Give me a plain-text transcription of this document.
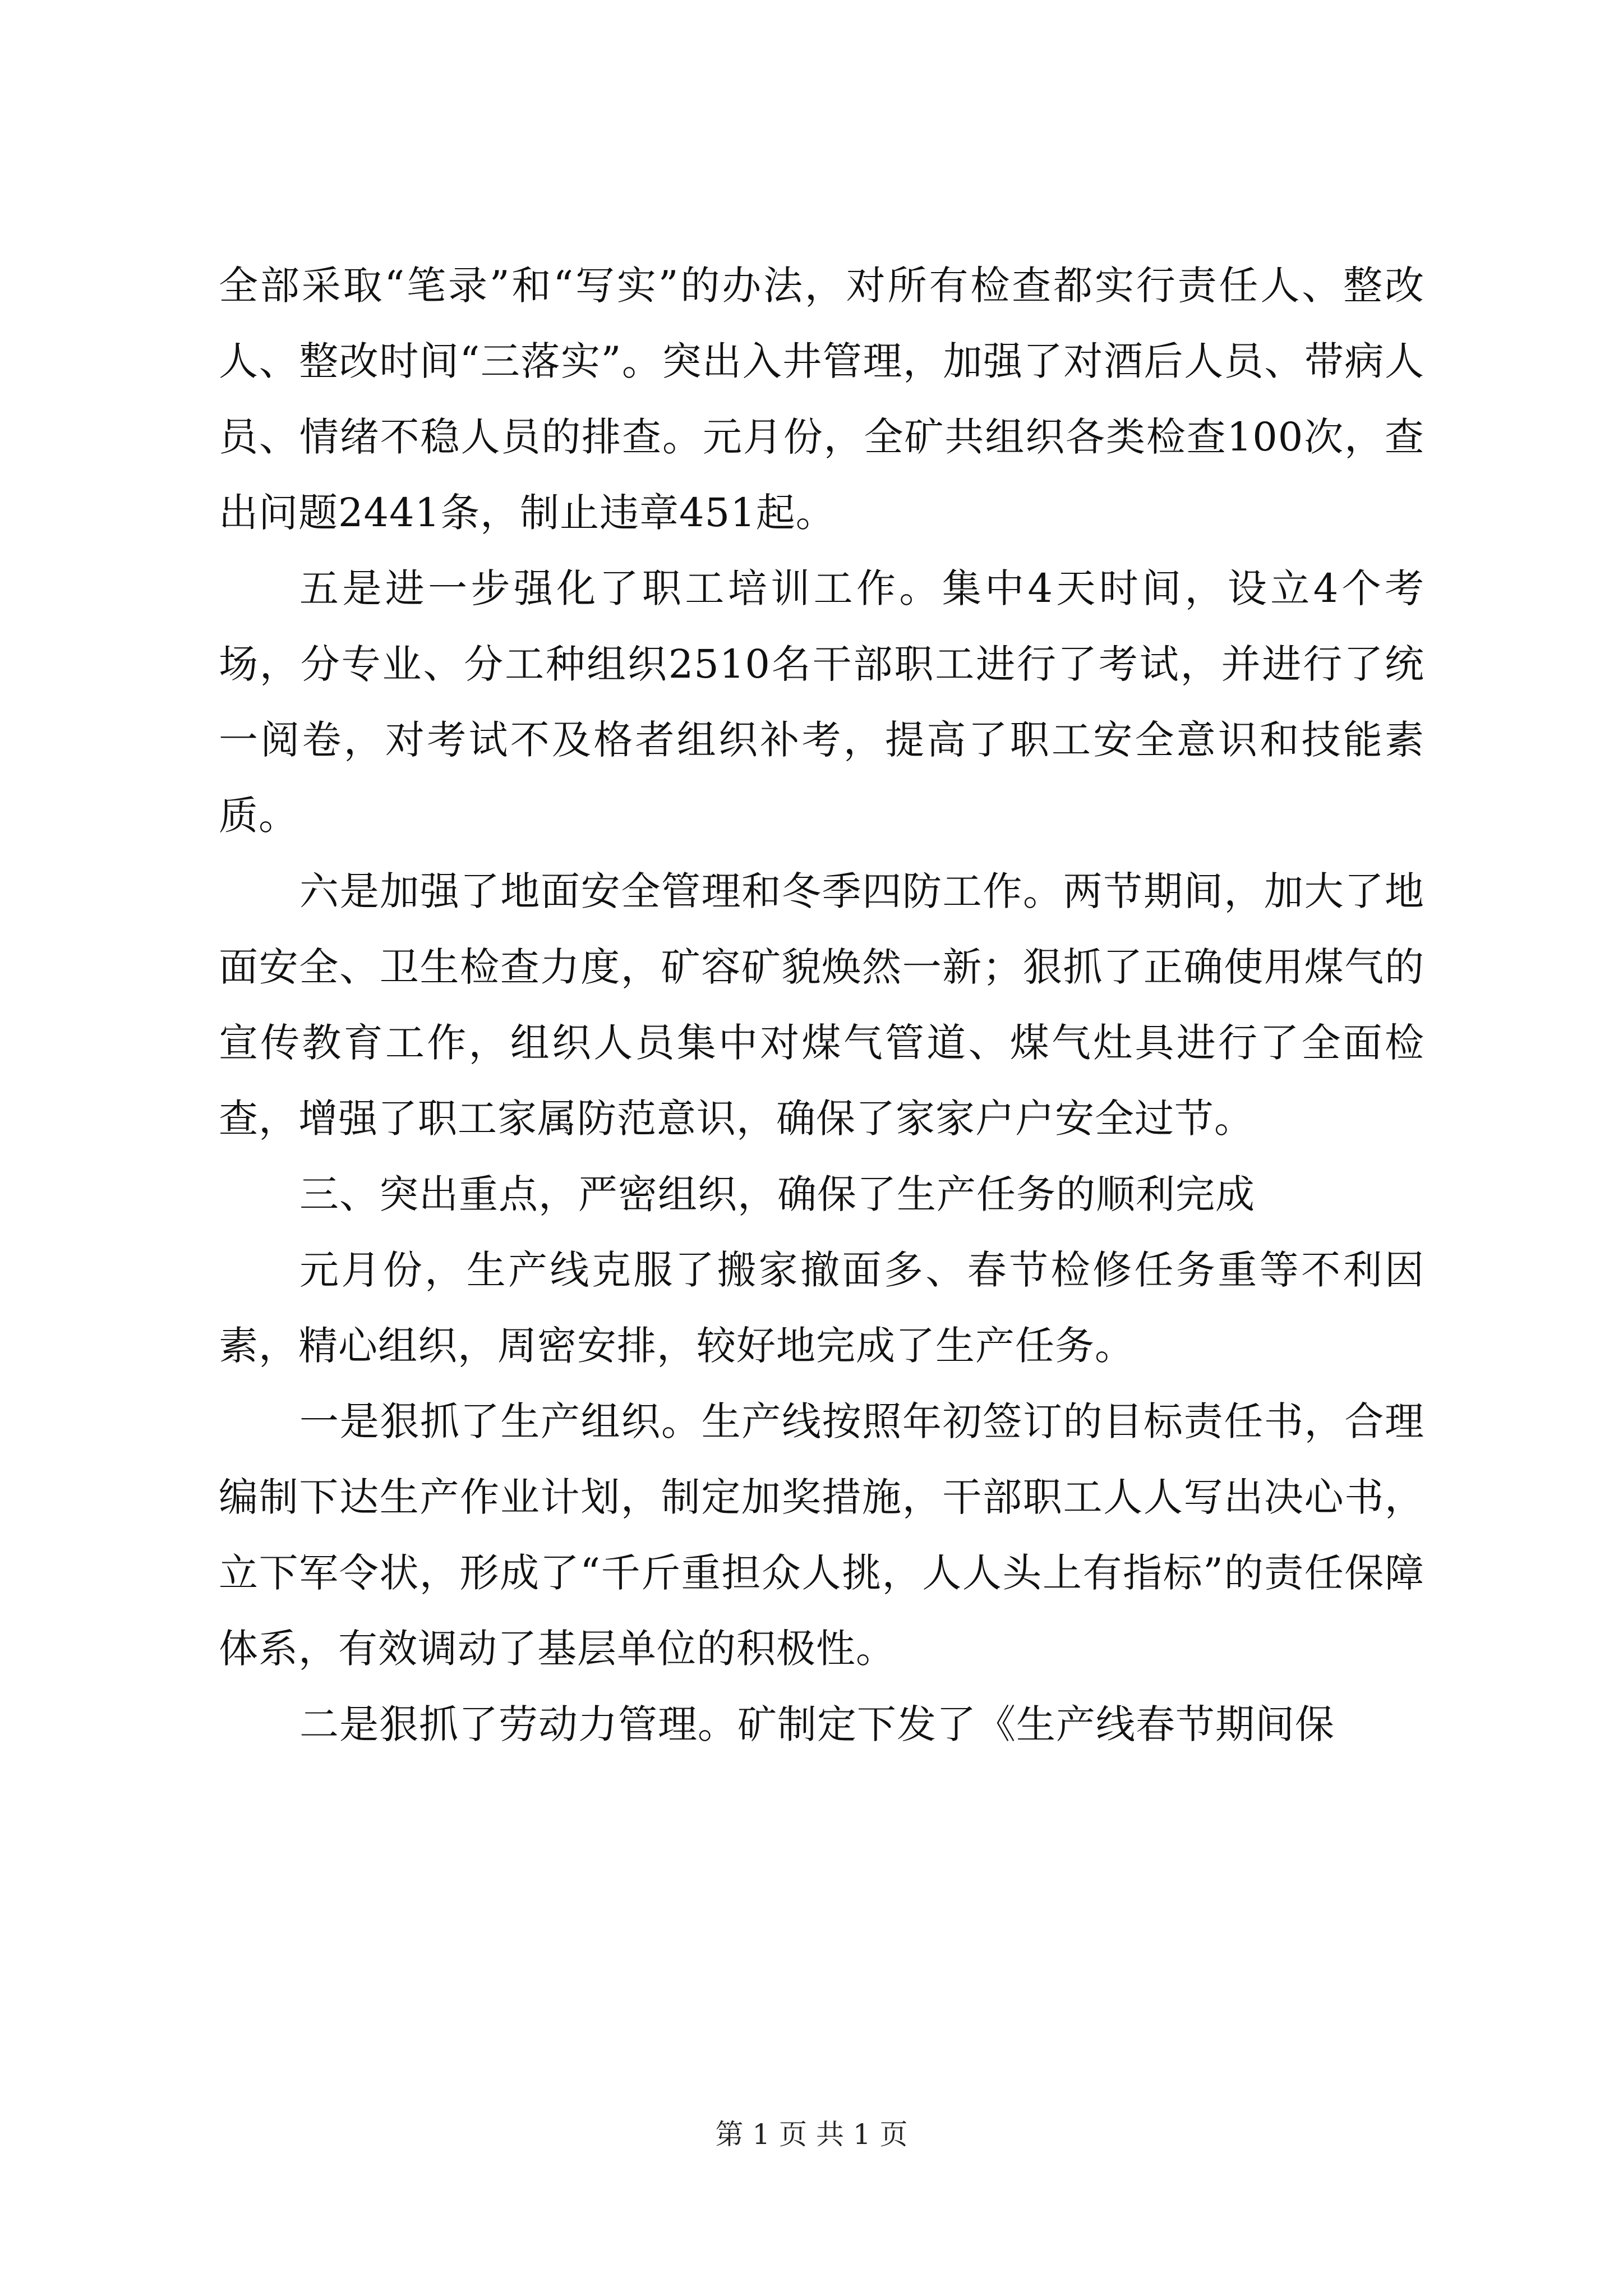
全部采取“笔录”和“写实”的办法，对所有检查都实行责任人、整改人、整改时间“三落实”。突出入井管理，加强了对酒后人员、带病人员、情绪不稳人员的排查。元月份，全矿共组织各类检查100次，查出问题2441条，制止违章451起。

五是进一步强化了职工培训工作。集中4天时间，设立4个考场，分专业、分工种组织2510名干部职工进行了考试，并进行了统一阅卷，对考试不及格者组织补考，提高了职工安全意识和技能素质。

六是加强了地面安全管理和冬季四防工作。两节期间，加大了地面安全、卫生检查力度，矿容矿貌焕然一新；狠抓了正确使用煤气的宣传教育工作，组织人员集中对煤气管道、煤气灶具进行了全面检查，增强了职工家属防范意识，确保了家家户户安全过节。

三、突出重点，严密组织，确保了生产任务的顺利完成

元月份，生产线克服了搬家撤面多、春节检修任务重等不利因素，精心组织，周密安排，较好地完成了生产任务。

一是狠抓了生产组织。生产线按照年初签订的目标责任书，合理编制下达生产作业计划，制定加奖措施，干部职工人人写出决心书，立下军令状，形成了“千斤重担众人挑，人人头上有指标”的责任保障体系，有效调动了基层单位的积极性。

二是狠抓了劳动力管理。矿制定下发了《生产线春节期间保

第 1 页 共 1 页
